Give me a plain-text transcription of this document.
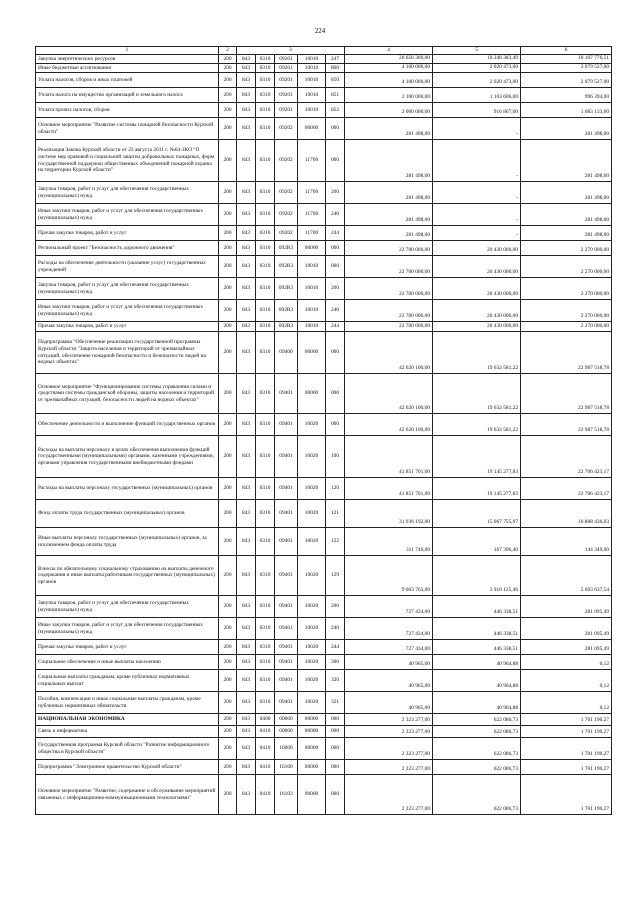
224
1	2	3					4	5	6
Закупка энергетических ресурсов	200	843	0310	09201	10010	247	20 656 360,00	10 348 383,49	10 107 776,51
Иные бюджетные ассигнования	200	843	0310	09201	10010	800	4 100 000,00	2 020 473,00	2 079 527,00
Уплата налогов, сборов и иных платежей	200	843	0310	09201	10010	850	4 100 000,00	2 020 473,00	2 079 527,00
Уплата налога на имущество организаций и земельного налога	200	843	0310	09201	10010	851	2 100 000,00	1 103 606,00	996 394,00
Уплата прочих налогов, сборов	200	843	0310	09201	10010	852	2 000 000,00	916 867,00	1 083 133,00
Основное мероприятие "Развитие системы пожарной безопасности Курской области"	200	843	0310	09202	00000	000	281 498,00	-	281 498,00
Реализация Закона Курской области от 23 августа 2011 г. №64-ЗКО "О системе мер правовой и социальной защиты добровольных пожарных, форм государственной поддержки общественных объединений пожарной охраны на территории Курской области"	200	843	0310	09202	11700	000	281 498,00	-	281 498,00
Закупка товаров, работ и услуг для обеспечения государственных (муниципальных) нужд	200	843	0310	09202	11700	200	281 498,00	-	281 498,00
Иные закупки товаров, работ и услуг для обеспечения государственных (муниципальных) нужд	200	843	0310	09202	11700	240	281 498,00	-	281 498,00
Прочая закупка товаров, работ и услуг	200	843	0310	09202	11700	244	281 498,00	-	281 498,00
Региональный проект "Безопасность дорожного движения"	200	843	0310	092R3	00000	000	22 700 000,00	20 430 000,00	2 270 000,00
Расходы на обеспечение деятельности (оказание услуг) государственных учреждений	200	843	0310	092R3	10010	000	22 700 000,00	20 430 000,00	2 270 000,00
Закупка товаров, работ и услуг для обеспечения государственных (муниципальных) нужд	200	843	0310	092R3	10010	200	22 700 000,00	20 430 000,00	2 270 000,00
Иные закупки товаров, работ и услуг для обеспечения государственных (муниципальных) нужд	200	843	0310	092R3	10010	240	22 700 000,00	20 430 000,00	2 270 000,00
Прочая закупка товаров, работ и услуг	200	843	0310	092R3	10010	244	22 700 000,00	20 430 000,00	2 270 000,00
Подпрограмма "Обеспечение реализации государственной программы Курской области "Защита населения и территорий от чрезвычайных ситуаций, обеспечение пожарной безопасности и безопасности людей на водных объектах"	200	843	0310	09400	00000	000	42 620 100,00	19 632 581,22	22 987 518,78
Основное мероприятие "Функционирование системы управления силами и средствами системы гражданской обороны, защиты населения и территорий от чрезвычайных ситуаций, безопасности людей на водных объектах"	200	843	0310	09401	00000	000	42 620 100,00	19 632 581,22	22 987 518,78
Обеспечение деятельности и выполнение функций государственных органов	200	843	0310	09401	10020	000	42 620 100,00	19 632 581,22	22 987 518,78
Расходы на выплаты персоналу в целях обеспечения выполнения функций государственными (муниципальными) органами, казенными учреждениями, органами управления государственными внебюджетными фондами	200	843	0310	09401	10020	100	41 851 701,00	19 145 277,83	22 706 423,17
Расходы на выплаты персоналу государственных (муниципальных) органов	200	843	0310	09401	10020	120	41 851 701,00	19 145 277,83	22 706 423,17
Фонд оплаты труда государственных (муниципальных) органов	200	843	0310	09401	10020	121	31 936 192,00	15 067 755,97	16 868 436,03
Иные выплаты персоналу государственных (муниципальных) органов, за исключением фонда оплаты труда	200	843	0310	09401	10020	122	311 746,00	167 396,40	144 349,60
Взносы по обязательному социальному страхованию на выплаты денежного содержания и иные выплаты работникам государственных (муниципальных) органов	200	843	0310	09401	10020	129	9 603 763,00	3 910 125,46	5 693 637,54
Закупка товаров, работ и услуг для обеспечения государственных (муниципальных) нужд	200	843	0310	09401	10020	200	727 434,00	446 338,51	281 095,49
Иные закупки товаров, работ и услуг для обеспечения государственных (муниципальных) нужд	200	843	0310	09401	10020	240	727 434,00	446 338,51	281 095,49
Прочая закупка товаров, работ и услуг	200	843	0310	09401	10020	244	727 434,00	446 338,51	281 095,49
Социальное обеспечение и иные выплаты населению	200	843	0310	09401	10020	300	40 965,00	40 964,88	0,12
Социальные выплаты гражданам, кроме публичных нормативных социальных выплат	200	843	0310	09401	10020	320	40 965,00	40 964,88	0,12
Пособия, компенсации и иные социальные выплаты гражданам, кроме публичных нормативных обязательств	200	843	0310	09401	10020	321	40 965,00	40 964,88	0,12
НАЦИОНАЛЬНАЯ ЭКОНОМИКА	200	843	0400	00000	00000	000	2 323 277,00	622 086,73	1 701 190,27
Связь и информатика	200	843	0410	00000	00000	000	2 323 277,00	622 086,73	1 701 190,27
Государственная программа Курской области "Развитие информационного общества в Курской области"	200	843	0410	16000	00000	000	2 323 277,00	622 086,73	1 701 190,27
Подпрограмма "Электронное правительство Курской области"	200	843	0410	16100	00000	000	2 323 277,00	622 086,73	1 701 190,27
Основное мероприятие "Развитие, содержание и обслуживание мероприятий связанных с информационно-коммуникационными технологиями"	200	843	0410	16103	00000	000	2 323 277,00	622 086,73	1 701 190,27
